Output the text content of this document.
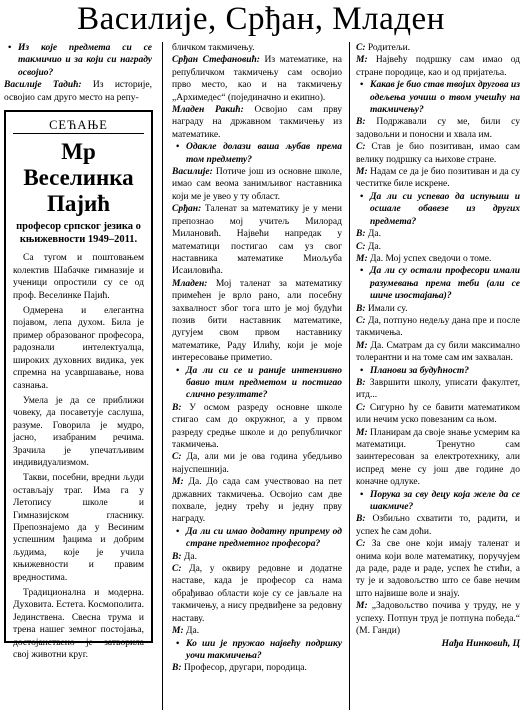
Василије, Срђан, Младен

• Из које предмета си се такмичио и за који си награду освојио?

Василије Тадић: Из историје, освојио сам друго место на репу-

СЕЋАЊЕ
Мр Веселинка Пајић
професор српског језика о књижевности 1949–2011.

Са тугом и поштовањем колектив Шабачке гимназије и ученици опростили су се од проф. Веселинке Пајић.

Одмерена и елегантна појавом, лепа духом. Била је пример образованог професора, радознали интелектуалца, широких духовних видика, уек спремна на усавршавање, нова сазнања.

Умела је да се приближи човеку, да посаветује саслуша, разуме. Говорила је мудро, јасно, изабраним речима. Зрачила је упечатљивим индивидуализмом.

Такви, посебни, вредни људи остављају траг. Има га у Летопису школе и Гимназијском гласнику. Препознајемо да у Весиним успешним ђацима и добрим људима, које је учила књижевности и правим вредностима.

Традиционална и модерна. Духовита. Естета. Космополита. Јединствена. Свесна трума и трена нашег земног постојања, достојанствено је затворила свој животни круг.

бличком такмичењу.

Срђан Стефановић: Из математике, на републичком такмичењу сам освојио прво место, као и на такмичењу „Архимедес“ (појединачно и екипно).

Младен Ракић: Освојио сам прву награду на државном такмичењу из математике.

• Одакле долази ваша љубав према том предмету?

Василије: Потиче још из основне школе, имао сам веома занимљивог наставника који ме је увео у ту област.

Срђан: Таленат за математику је у мени препознао мој учитељ Милорад Милановић. Највећи напредак у математици постигао сам уз свог наставника математике Миољуба Исаиловића.

Младен: Мој таленат за математику примећен је врло рано, али посебну захвалност због тога што је мој будући позив бити наставник математике, дугујем свом првом наставнику математике, Раду Илићу, који је моје интересовање приметио.

• Да ли си се и раније интензивно бавио тим предметом и постигао слично резултате?

В: У осмом разреду основне школе стигао сам до окружног, а у првом разреду средње школе и до републичког такмичења.

С: Да, али ми је ова година убедљиво најуспешнија.

М: Да. До сада сам учествовао на пет државних такмичења. Освојио сам две похвале, једну трећу и једну прву награду.

• Да ли си имао додатну припрему од стране предметног професора?

В: Да.

С: Да, у оквиру редовне и додатне наставе, када је професор са нама обрађивао области које су се јављале на такмичењу, а нису предвиђене за редовну наставу.

М: Да.

• Ко ши је пружао највећу подршку уочи такмичења?

В: Професор, другари, породица.

С: Родитељи.

М: Највећу подршку сам имао од стране породице, као и од пријатеља.

• Какав је био став твојих другова из одељења уочиш о твом учешћу на такмичењу?

В: Подржавали су ме, били су задовољни и поносни и хвала им.

С: Став је био позитиван, имао сам велику подршку са њихове стране.

М: Надам се да је био позитиван и да су честитке биле искрене.

• Да ли си успевао да испуњиш и осшале обавезе из других предмета?

В: Да.

С: Да.

М: Да. Мој успех сведочи о томе.

• Да ли су остали професори имали разумевања према теби (али се шиче изостајања)?

В: Имали су.

С: Да, потпуно недељу дана пре и после такмичења.

М: Да. Сматрам да су били максимално толерантни и на томе сам им захвалан.

• Планови за будућност?

В: Завршити школу, уписати факултет, итд...

С: Сигурно ћу се бавити математиком или нечим уско повезаним са њом.

М: Планирам да своје знање усмерим ка математици. Тренутно сам заинтересован за електротехнику, али испред мене су још две године до коначне одлуке.

• Порука за сву децу која желе да се шакмиче?

В: Озбиљно схватити то, радити, и успех ће сам доћи.

С: За све оне који имају таленат и онима који воле математику, поручујем да раде, раде и раде, успех ће стићи, а ту је и задовољство што се баве нечим што највише воле и знају.

М: „Задовољство почива у труду, не у успеху. Потпун труд је потпуна победа.“ (М. Ганди)

Нађа Нинковић, Ц
